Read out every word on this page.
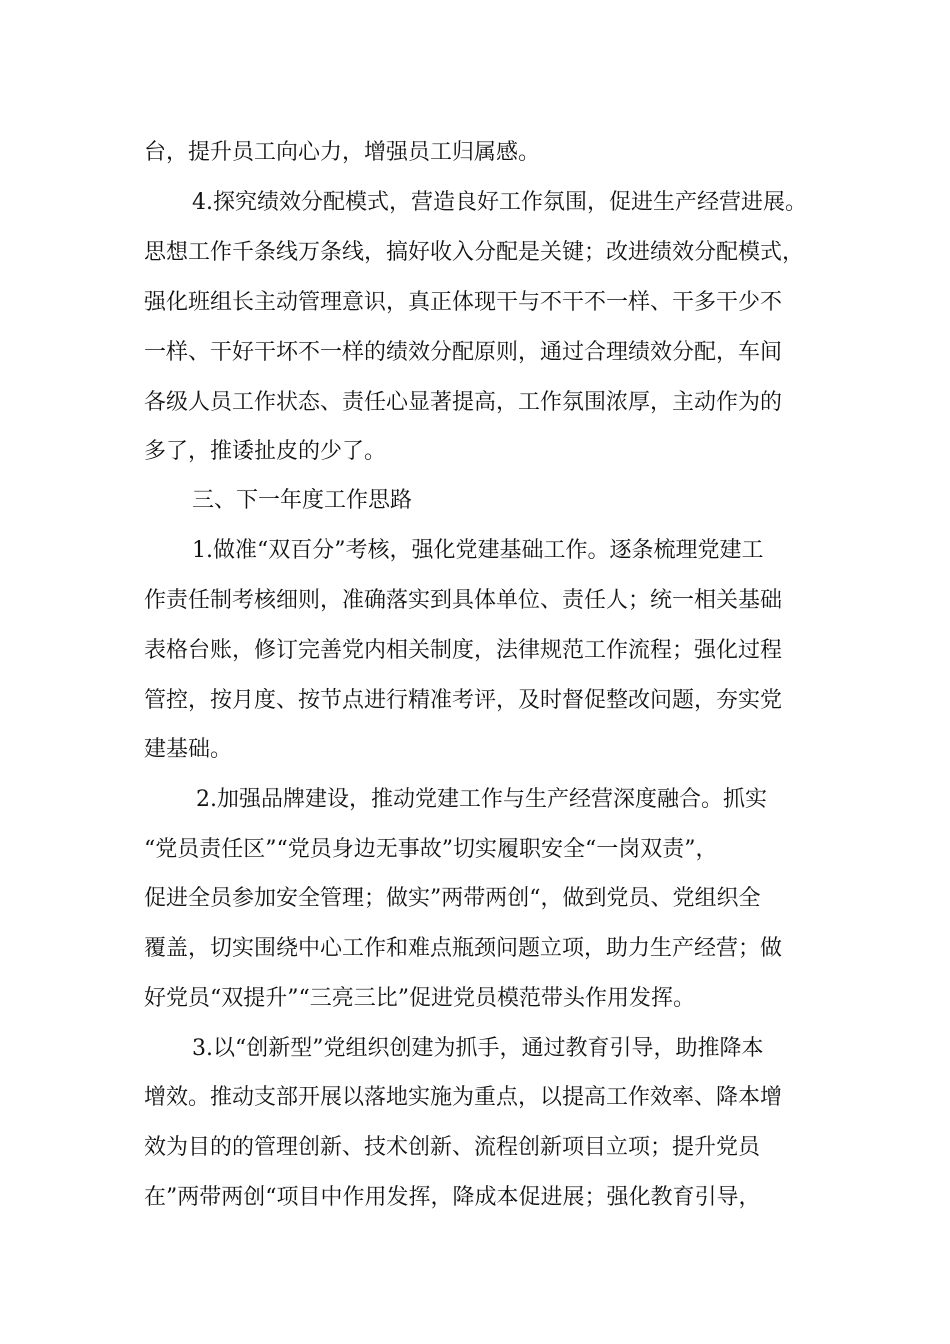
台，提升员工向心力，增强员工归属感。

4.探究绩效分配模式，营造良好工作氛围，促进生产经营进展。

思想工作千条线万条线，搞好收入分配是关键；改进绩效分配模式，

强化班组长主动管理意识，真正体现干与不干不一样、干多干少不

一样、干好干坏不一样的绩效分配原则，通过合理绩效分配，车间

各级人员工作状态、责任心显著提高，工作氛围浓厚，主动作为的

多了，推诿扯皮的少了。

三、下一年度工作思路

1.做准“双百分”考核，强化党建基础工作。逐条梳理党建工

作责任制考核细则，准确落实到具体单位、责任人；统一相关基础

表格台账，修订完善党内相关制度，法律规范工作流程；强化过程

管控，按月度、按节点进行精准考评，及时督促整改问题，夯实党

建基础。

2.加强品牌建设，推动党建工作与生产经营深度融合。抓实

“党员责任区”“党员身边无事故”切实履职安全“一岗双责”，

促进全员参加安全管理；做实”两带两创“，做到党员、党组织全

覆盖，切实围绕中心工作和难点瓶颈问题立项，助力生产经营；做

好党员“双提升”“三亮三比”促进党员模范带头作用发挥。

3.以“创新型”党组织创建为抓手，通过教育引导，助推降本

增效。推动支部开展以落地实施为重点，以提高工作效率、降本增

效为目的的管理创新、技术创新、流程创新项目立项；提升党员

在”两带两创“项目中作用发挥，降成本促进展；强化教育引导，
